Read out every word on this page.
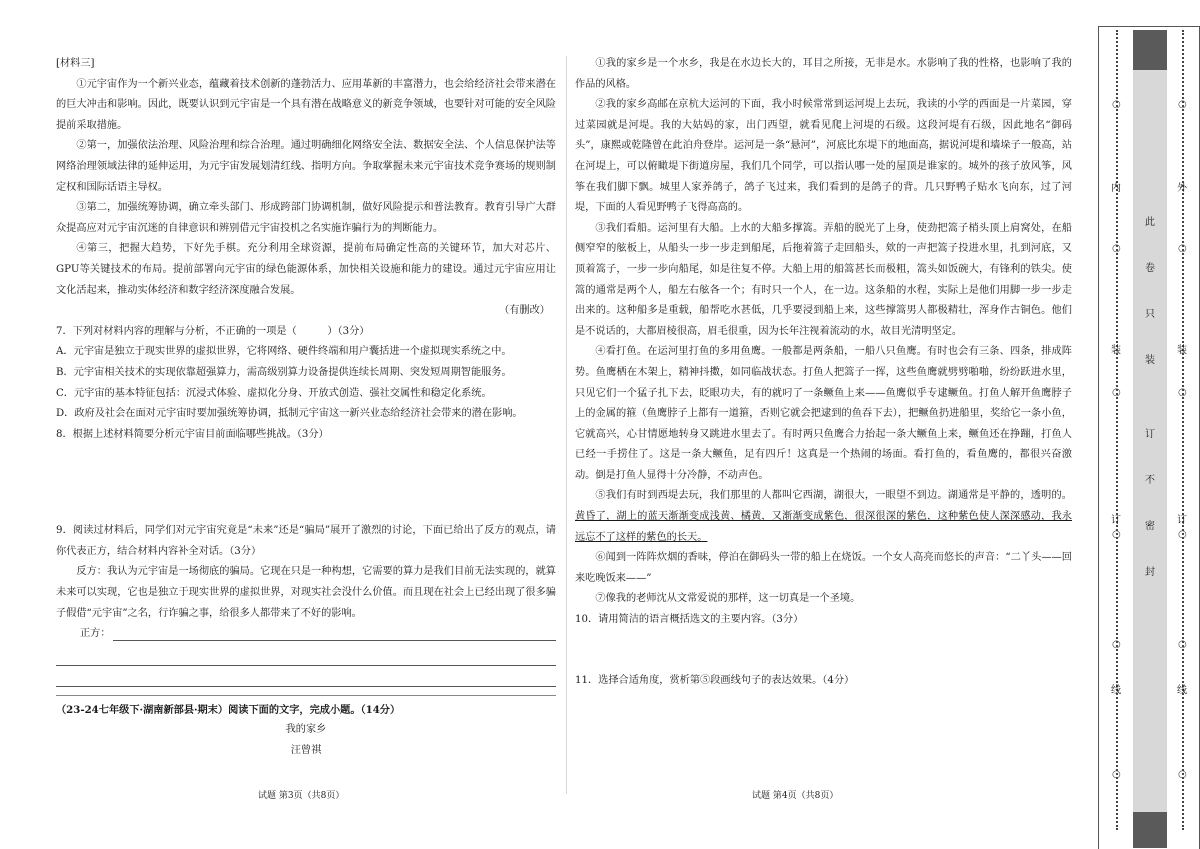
[材料三]

①元宇宙作为一个新兴业态，蕴藏着技术创新的蓬勃活力、应用革新的丰富潜力，也会给经济社会带来潜在的巨大冲击和影响。因此，既要认识到元宇宙是一个具有潜在战略意义的新竞争领域，也要针对可能的安全风险提前采取措施。

②第一，加强依法治理、风险治理和综合治理。通过明确细化网络安全法、数据安全法、个人信息保护法等网络治理领域法律的延伸运用，为元宇宙发展划清红线、指明方向。争取掌握未来元宇宙技术竞争赛场的规则制定权和国际话语主导权。

③第二，加强统筹协调，确立牵头部门、形成跨部门协调机制，做好风险提示和普法教育。教育引导广大群众提高应对元宇宙沉迷的自律意识和辨别借元宇宙投机之名实施诈骗行为的判断能力。

④第三，把握大趋势，下好先手棋。充分利用全球资源，提前布局确定性高的关键环节，加大对芯片、GPU等关键技术的布局。提前部署向元宇宙的绿色能源体系，加快相关设施和能力的建设。通过元宇宙应用让文化活起来，推动实体经济和数字经济深度融合发展。

（有删改）

7．下列对材料内容的理解与分析，不正确的一项是（　　　）（3分）

A．元宇宙是独立于现实世界的虚拟世界，它将网络、硬件终端和用户囊括进一个虚拟现实系统之中。

B．元宇宙相关技术的实现依靠超强算力，需高级别算力设备提供连续长周期、突发短周期智能服务。

C．元宇宙的基本特征包括：沉浸式体验、虚拟化分身、开放式创造、强社交属性和稳定化系统。

D．政府及社会在面对元宇宙时要加强统筹协调，抵制元宇宙这一新兴业态给经济社会带来的潜在影响。

8．根据上述材料简要分析元宇宙目前面临哪些挑战。（3分）

9．阅读过材料后，同学们对元宇宙究竟是“未来”还是“骗局”展开了激烈的讨论，下面已给出了反方的观点，请你代表正方，结合材料内容补全对话。（3分）

反方：我认为元宇宙是一场彻底的骗局。它现在只是一种构想，它需要的算力是我们目前无法实现的，就算未来可以实现，它也是独立于现实世界的虚拟世界，对现实社会没什么价值。而且现在社会上已经出现了很多骗子假借“元宇宙”之名，行诈骗之事，给很多人都带来了不好的影响。

正方：

（23-24七年级下·湖南新部县·期末）阅读下面的文字，完成小题。（14分）

我的家乡

汪曾祺

试题 第3页（共8页）

①我的家乡是一个水乡，我是在水边长大的，耳目之所接，无非是水。水影响了我的性格，也影响了我的作品的风格。

②我的家乡高邮在京杭大运河的下面，我小时候常常到运河堤上去玩，我读的小学的西面是一片菜园，穿过菜园就是河堤。我的大姑妈的家，出门西望，就看见爬上河堤的石级。这段河堤有石级，因此地名“御码头”，康熙或乾隆曾在此泊舟登岸。运河是一条“悬河”，河底比东堤下的地面高，据说河堤和墙垛子一般高，站在河堤上，可以俯瞰堤下街道房屋，我们几个同学，可以指认哪一处的屋顶是谁家的。城外的孩子放风筝，风筝在我们脚下飘。城里人家养鸽子，鸽子飞过来，我们看到的是鸽子的背。几只野鸭子贴水飞向东，过了河堤，下面的人看见野鸭子飞得高高的。

③我们看船。运河里有大船。上水的大船多撑篙。弄船的脱光了上身，使劲把篙子梢头顶上肩窝处，在船侧窄窄的舷板上，从船头一步一步走到船尾，后拖着篙子走回船头，欸的一声把篙子投进水里，扎到河底，又顶着篙子，一步一步向船尾，如是往复不停。大船上用的船篙甚长而极粗，篙头如饭碗大，有锋利的铁尖。使篙的通常是两个人，船左右舷各一个；有时只一个人，在一边。这条船的水程，实际上是他们用脚一步一步走出来的。这种船多是重载，船帮吃水甚低，几乎要浸到船上来，这些撑篙男人都极精壮，浑身作古铜色。他们是不说话的，大都眉棱很高，眉毛很重，因为长年注视着流动的水，故目光清明坚定。

④看打鱼。在运河里打鱼的多用鱼鹰。一般都是两条船，一船八只鱼鹰。有时也会有三条、四条，排成阵势。鱼鹰栖在木架上，精神抖擞，如同临战状态。打鱼人把篙子一挥，这些鱼鹰就劈劈啪啪，纷纷跃进水里，只见它们一个猛子扎下去，眨眼功夫，有的就叼了一条鳜鱼上来——鱼鹰似乎专逮鳜鱼。打鱼人解开鱼鹰脖子上的金属的箍（鱼鹰脖子上都有一道箍，否则它就会把逮到的鱼吞下去），把鳜鱼扔进船里，奖给它一条小鱼，它就高兴，心甘情愿地转身又跳进水里去了。有时两只鱼鹰合力抬起一条大鳜鱼上来，鳜鱼还在挣蹦，打鱼人已经一手捞住了。这是一条大鳜鱼，足有四斤！这真是一个热闹的场面。看打鱼的，看鱼鹰的，都很兴奋激动。倒是打鱼人显得十分冷静，不动声色。

⑤我们有时到西堤去玩，我们那里的人都叫它西湖，湖很大，一眼望不到边。湖通常是平静的，透明的。黄昏了，湖上的蓝天渐渐变成浅黄、橘黄，又渐渐变成紫色，很深很深的紫色，这种紫色使人深深感动，我永远忘不了这样的紫色的长天。

⑥闻到一阵阵炊烟的香味，停泊在御码头一带的船上在烧饭。一个女人高亮而悠长的声音：“二丫头——回来吃晚饭来——”

⑦像我的老师沈从文常爱说的那样，这一切真是一个圣境。

10．请用简洁的语言概括选文的主要内容。（3分）

11．选择合适角度，赏析第⑤段画线句子的表达效果。（4分）

试题 第4页（共8页）
○
○
○
○
○
○
内
装
订
线
○
○
○
○
○
○
外
装
订
线
此
卷
只
装
订
不
密
封
